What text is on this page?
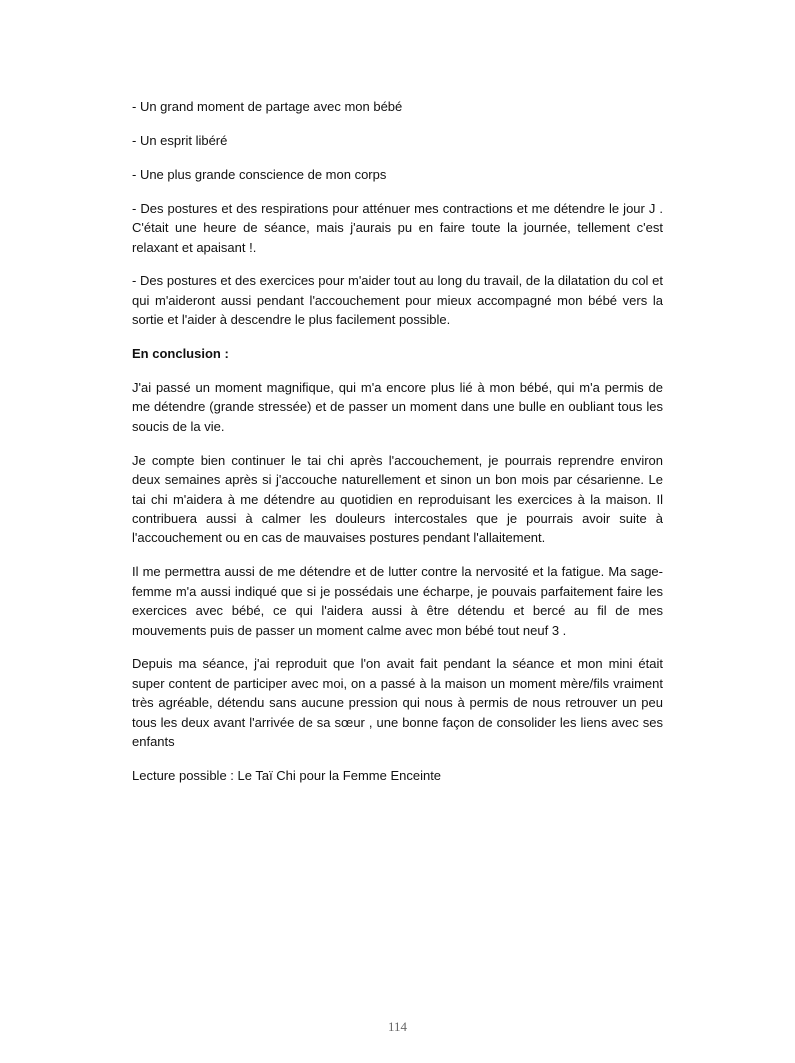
- Un grand moment de partage avec mon bébé

- Un esprit libéré

- Une plus grande conscience de mon corps

- Des postures et des respirations pour atténuer mes contractions et me détendre le jour J . C'était une heure de séance, mais j'aurais pu en faire toute la journée, tellement c'est relaxant et apaisant !.

- Des postures et des exercices pour m'aider tout au long du travail, de la dilatation du col et qui m'aideront aussi pendant l'accouchement pour mieux accompagné mon bébé vers la sortie et l'aider à descendre le plus facilement possible.

En conclusion :

J'ai passé un moment magnifique, qui m'a encore plus lié à mon bébé, qui m'a permis de me détendre (grande stressée) et de passer un moment dans une bulle en oubliant tous les soucis de la vie.

Je compte bien continuer le tai chi après l'accouchement, je pourrais reprendre environ deux semaines après si j'accouche naturellement et sinon un bon mois par césarienne. Le tai chi m'aidera à me détendre au quotidien en reproduisant les exercices à la maison. Il contribuera aussi à calmer les douleurs intercostales que je pourrais avoir suite à l'accouchement ou en cas de mauvaises postures pendant l'allaitement.

Il me permettra aussi de me détendre et de lutter contre la nervosité et la fatigue. Ma sage-femme m'a aussi indiqué que si je possédais une écharpe, je pouvais parfaitement faire les exercices avec bébé, ce qui l'aidera aussi à être détendu et bercé au fil de mes mouvements puis de passer un moment calme avec mon bébé tout neuf 3 .

Depuis ma séance, j'ai reproduit que l'on avait fait pendant la séance et mon mini était super content de participer avec moi, on a passé à la maison un moment mère/fils vraiment très agréable, détendu sans aucune pression qui nous à permis de nous retrouver un peu tous les deux avant l'arrivée de sa sœur , une bonne façon de consolider les liens avec ses enfants

Lecture possible : Le Taï Chi pour la Femme Enceinte

114
